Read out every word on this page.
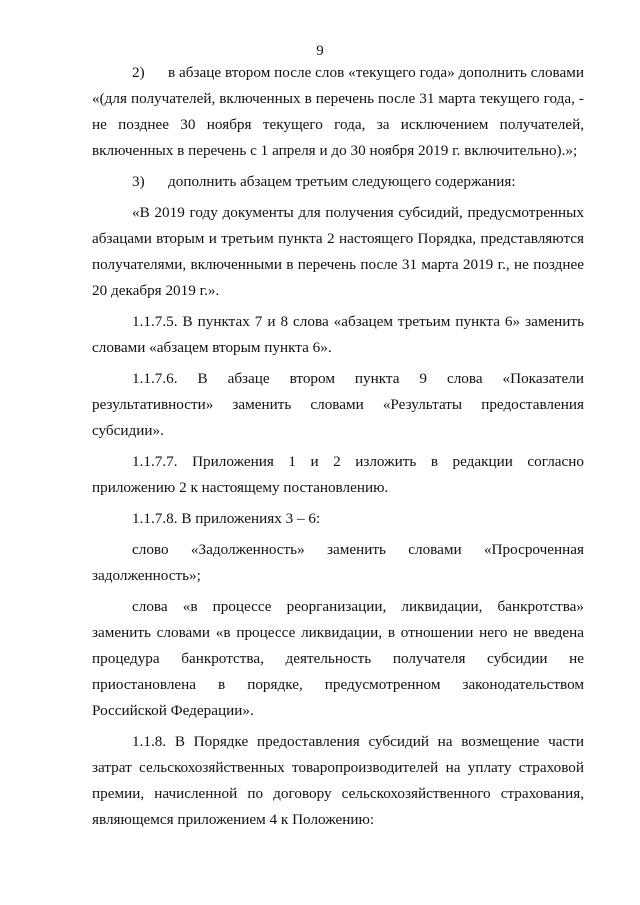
9

2) в абзаце втором после слов «текущего года» дополнить словами «(для получателей, включенных в перечень после 31 марта текущего года, - не позднее 30 ноября текущего года, за исключением получателей, включенных в перечень с 1 апреля и до 30 ноября 2019 г. включительно).»;

3) дополнить абзацем третьим следующего содержания:

«В 2019 году документы для получения субсидий, предусмотренных абзацами вторым и третьим пункта 2 настоящего Порядка, представляются получателями, включенными в перечень после 31 марта 2019 г., не позднее 20 декабря 2019 г.».

1.1.7.5. В пунктах 7 и 8 слова «абзацем третьим пункта 6» заменить словами «абзацем вторым пункта 6».

1.1.7.6. В абзаце втором пункта 9 слова «Показатели результативности» заменить словами «Результаты предоставления субсидии».

1.1.7.7. Приложения 1 и 2 изложить в редакции согласно приложению 2 к настоящему постановлению.

1.1.7.8. В приложениях 3 – 6:

слово «Задолженность» заменить словами «Просроченная задолженность»;

слова «в процессе реорганизации, ликвидации, банкротства» заменить словами «в процессе ликвидации, в отношении него не введена процедура банкротства, деятельность получателя субсидии не приостановлена в порядке, предусмотренном законодательством Российской Федерации».

1.1.8. В Порядке предоставления субсидий на возмещение части затрат сельскохозяйственных товаропроизводителей на уплату страховой премии, начисленной по договору сельскохозяйственного страхования, являющемся приложением 4 к Положению:
